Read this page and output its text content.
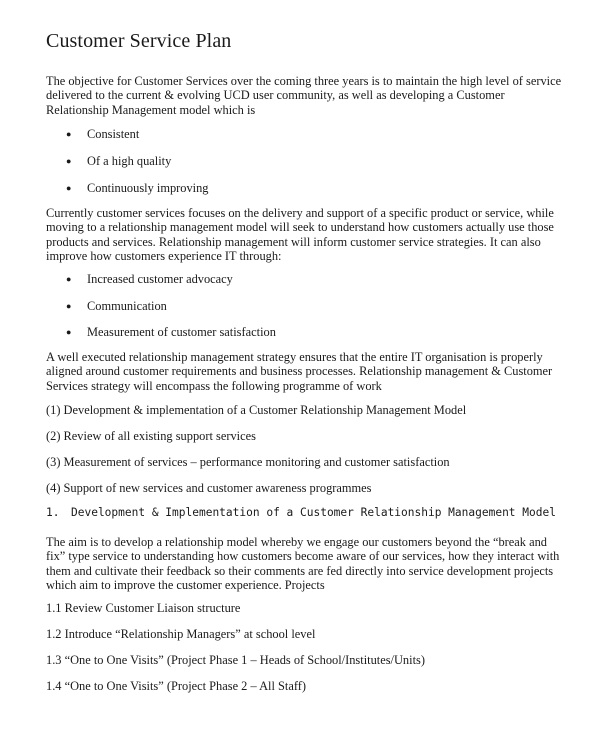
Customer Service Plan

The objective for Customer Services over the coming three years is to maintain the high level of service delivered to the current & evolving UCD user community, as well as developing a Customer Relationship Management model which is

●	Consistent
●	Of a high quality
●	Continuously improving

Currently customer services focuses on the delivery and support of a specific product or service, while moving to a relationship management model will seek to understand how customers actually use those products and services. Relationship management will inform customer service strategies. It can also improve how customers experience IT through:

●	Increased customer advocacy
●	Communication
●	Measurement of customer satisfaction

A well executed relationship management strategy ensures that the entire IT organisation is properly aligned around customer requirements and business processes. Relationship management & Customer Services strategy will encompass the following programme of work

(1) Development & implementation of a Customer Relationship Management Model
(2) Review of all existing support services
(3) Measurement of services – performance monitoring and customer satisfaction
(4) Support of new services and customer awareness programmes
1. Development & Implementation of a Customer Relationship Management Model

The aim is to develop a relationship model whereby we engage our customers beyond the “break and fix” type service to understanding how customers become aware of our services, how they interact with them and cultivate their feedback so their comments are fed directly into service development projects which aim to improve the customer experience. Projects

1.1 Review Customer Liaison structure
1.2 Introduce “Relationship Managers” at school level
1.3 “One to One Visits” (Project Phase 1 – Heads of School/Institutes/Units)
1.4 “One to One Visits” (Project Phase 2 – All Staff)
